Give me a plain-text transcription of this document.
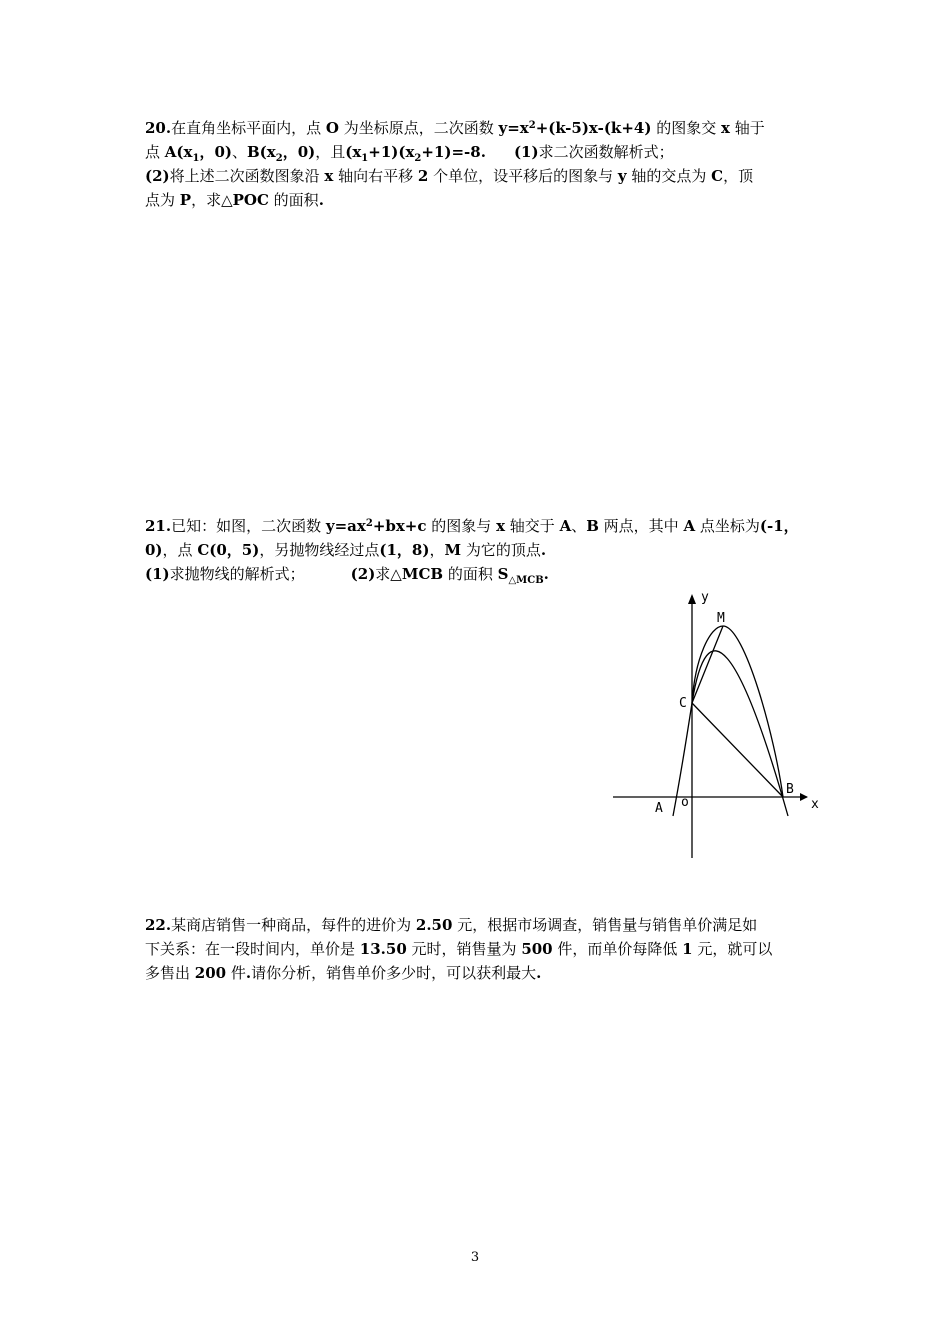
20.在直角坐标平面内，点 O 为坐标原点，二次函数 $y=x^2+(k-5)x-(k+4)$ 的图象交 x 轴于
点 $A(x_1$，0)、$B(x_2$，0)，且$(x_1+1)(x_2+1)=-8$. (1)求二次函数解析式；
(2)将上述二次函数图象沿 x 轴向右平移 2 个单位，设平移后的图象与 y 轴的交点为 C，顶
点为 P，求△POC 的面积.
21.已知：如图，二次函数 $y=ax^2+bx+c$ 的图象与 x 轴交于 A、B 两点，其中 A 点坐标为(-1，
0)，点 C(0，5)，另抛物线经过点(1，8)，M 为它的顶点.
(1)求抛物线的解析式；	(2)求△MCB 的面积 $S_{\triangle MCB}$.
y
x
o
A
B
C
M
22.某商店销售一种商品，每件的进价为 2.50 元，根据市场调查，销售量与销售单价满足如
下关系：在一段时间内，单价是 13.50 元时，销售量为 500 件，而单价每降低 1 元，就可以
多售出 200 件.请你分析，销售单价多少时，可以获利最大.
3
